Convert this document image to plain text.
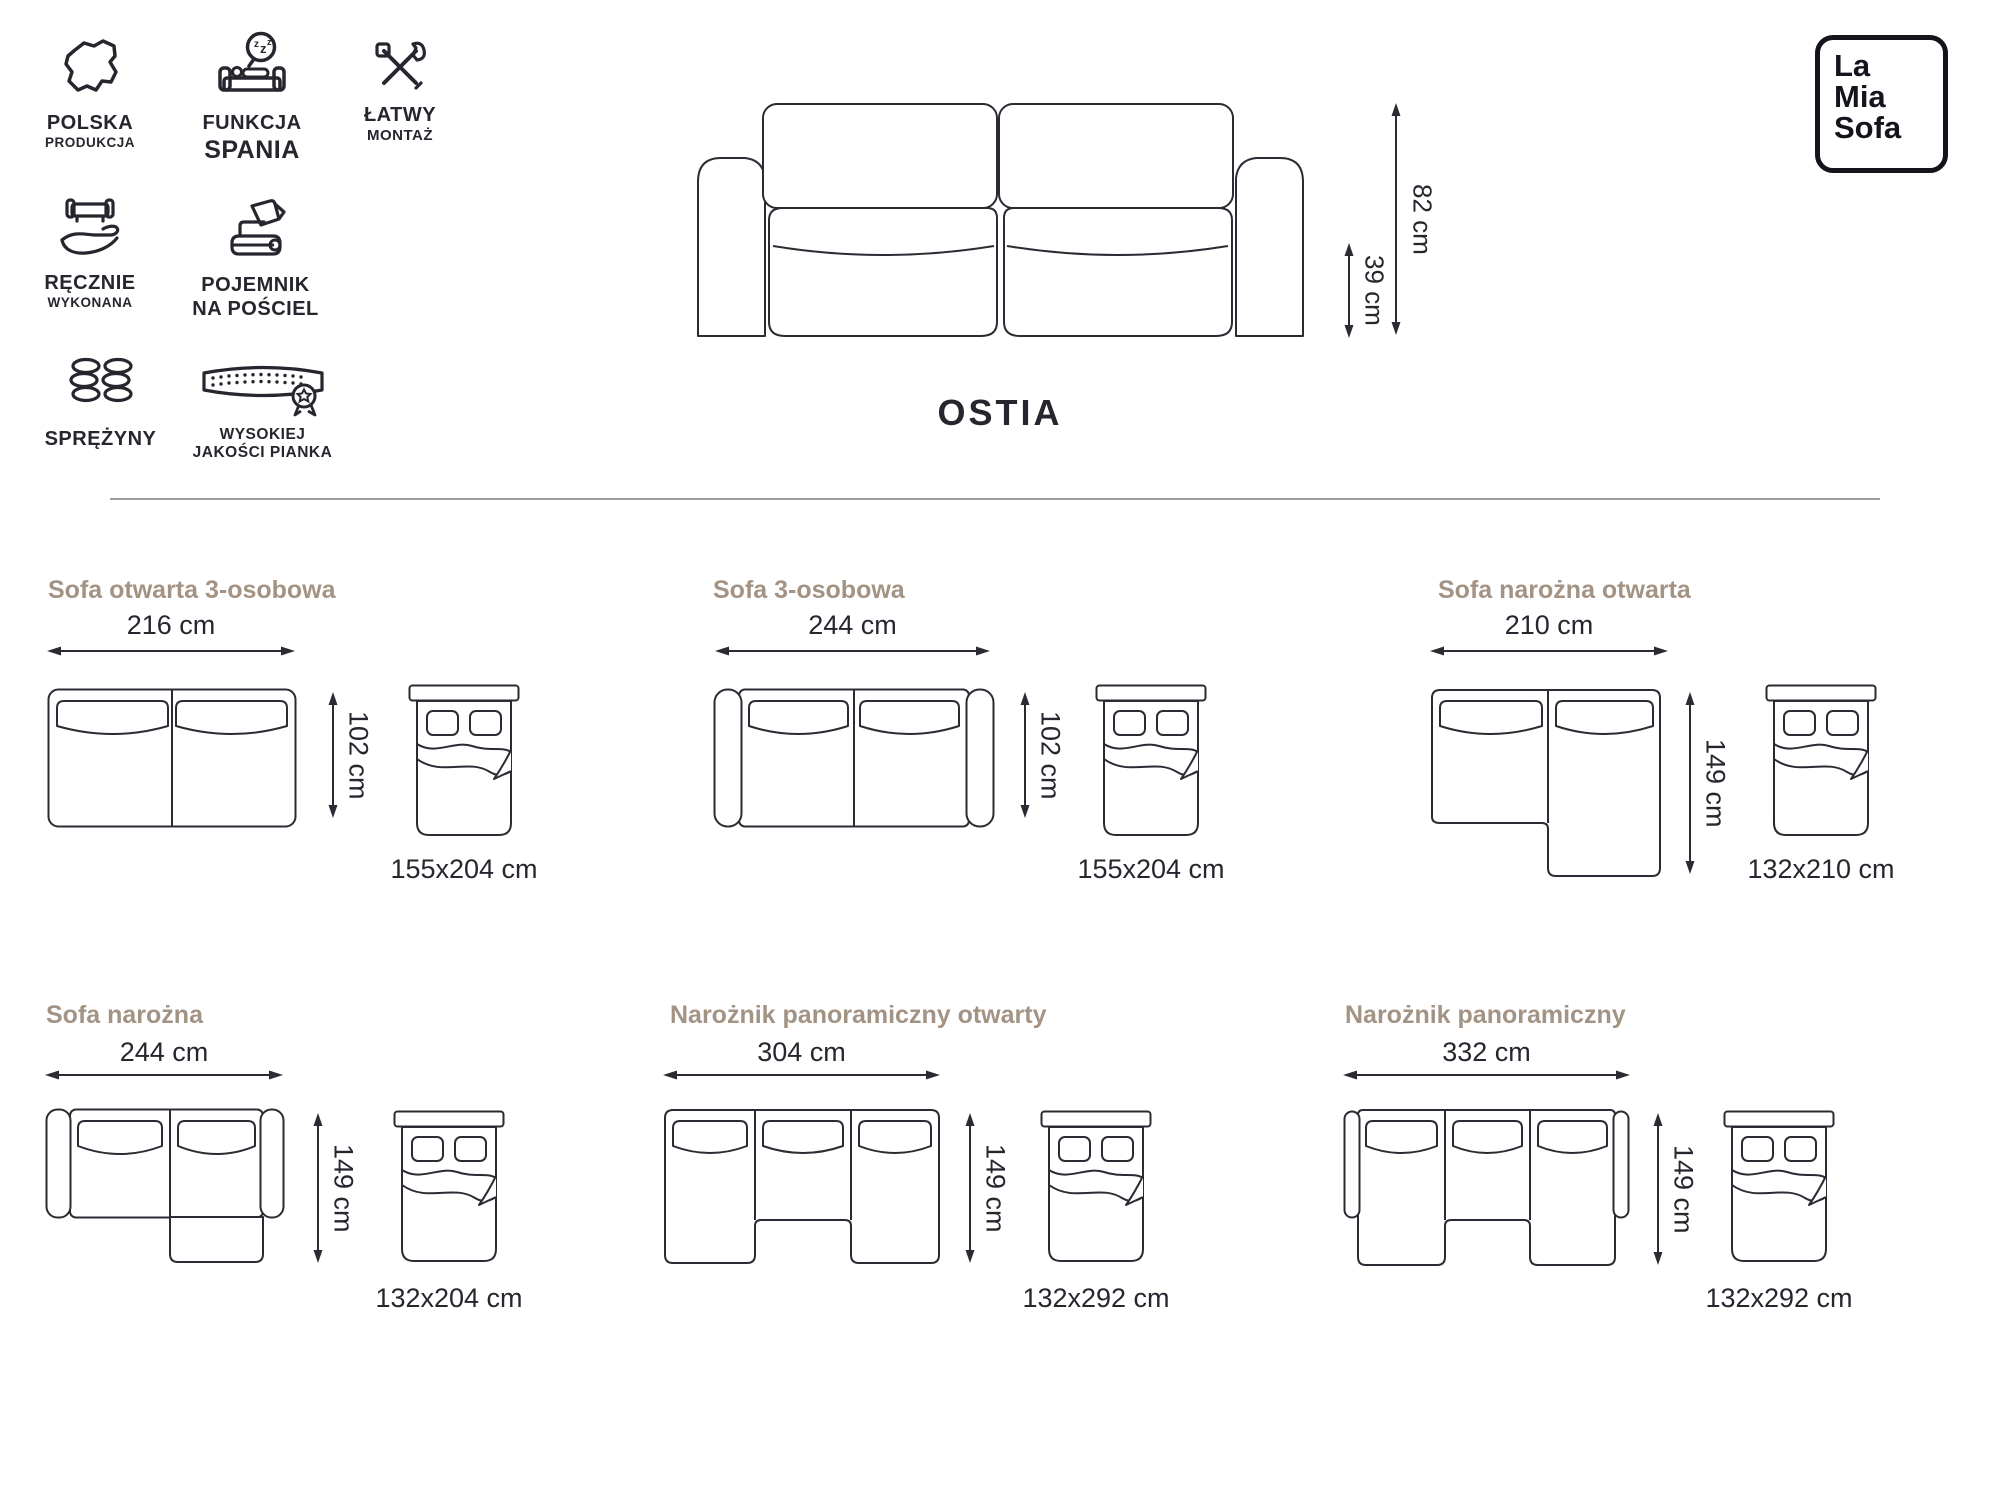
POLSKA
PRODUKCJA
z z z
FUNKCJA
SPANIA
ŁATWY
MONTAŻ
RĘCZNIE
WYKONANA
POJEMNIK
NA POŚCIEL
SPRĘŻYNY	WYSOKIEJ
JAKOŚCI PIANKA
39 cm
82 cm
OSTIA
La
Mia
Sofa
Sofa otwarta 3-osobowa
216 cm
102 cm
155x204 cm
Sofa 3-osobowa
244 cm
102 cm
155x204 cm
Sofa narożna otwarta
210 cm
149 cm
132x210 cm
Sofa narożna
244 cm
149 cm
132x204 cm
Narożnik panoramiczny otwarty
304 cm
149 cm
132x292 cm
Narożnik panoramiczny
332 cm
149 cm
132x292 cm
